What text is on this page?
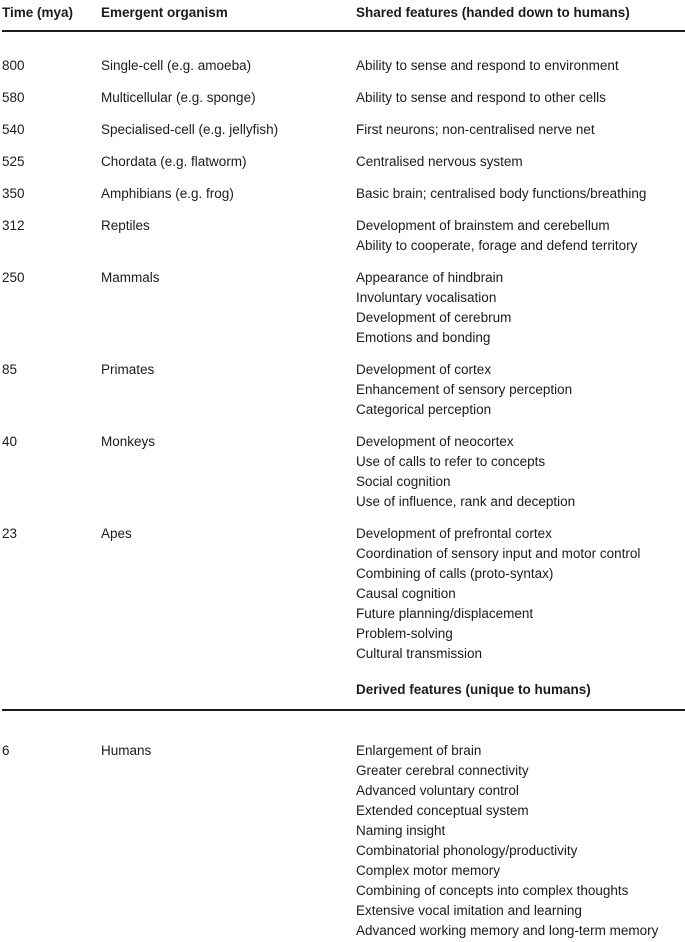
Time (mya)	Emergent organism	Shared features (handed down to humans)
800	Single-cell (e.g. amoeba)	Ability to sense and respond to environment
580	Multicellular (e.g. sponge)	Ability to sense and respond to other cells
540	Specialised-cell (e.g. jellyfish)	First neurons; non-centralised nerve net
525	Chordata (e.g. flatworm)	Centralised nervous system
350	Amphibians (e.g. frog)	Basic brain; centralised body functions/breathing
312	Reptiles	Development of brainstem and cerebellum
Ability to cooperate, forage and defend territory
250	Mammals	Appearance of hindbrain
Involuntary vocalisation
Development of cerebrum
Emotions and bonding
85	Primates	Development of cortex
Enhancement of sensory perception
Categorical perception
40	Monkeys	Development of neocortex
Use of calls to refer to concepts
Social cognition
Use of influence, rank and deception
23	Apes	Development of prefrontal cortex
Coordination of sensory input and motor control
Combining of calls (proto-syntax)
Causal cognition
Future planning/displacement
Problem-solving
Cultural transmission
Derived features (unique to humans)
6	Humans	Enlargement of brain
Greater cerebral connectivity
Advanced voluntary control
Extended conceptual system
Naming insight
Combinatorial phonology/productivity
Complex motor memory
Combining of concepts into complex thoughts
Extensive vocal imitation and learning
Advanced working memory and long-term memory
